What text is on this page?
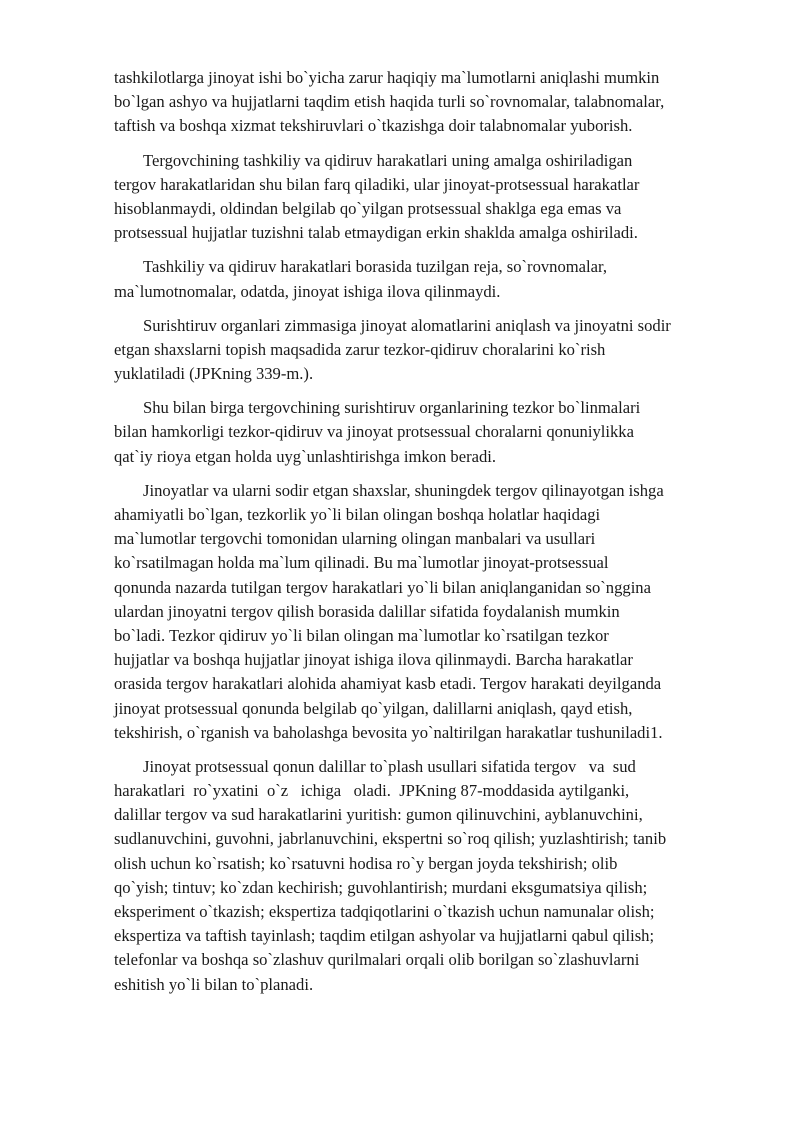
tashkilotlarga jinoyat ishi bo`yicha zarur haqiqiy ma`lumotlarni aniqlashi mumkin
bo`lgan ashyo va hujjatlarni taqdim etish haqida turli so`rovnomalar, talabnomalar,
taftish va boshqa xizmat tekshiruvlari o`tkazishga doir talabnomalar yuborish.
Tergovchining tashkiliy va qidiruv harakatlari uning amalga oshiriladigan
tergov harakatlaridan shu bilan farq qiladiki, ular jinoyat-protsessual harakatlar
hisoblanmaydi, oldindan belgilab qo`yilgan protsessual shaklga ega emas va
protsessual hujjatlar tuzishni talab etmaydigan erkin shaklda amalga oshiriladi.
Tashkiliy va qidiruv harakatlari borasida tuzilgan reja, so`rovnomalar,
ma`lumotnomalar, odatda, jinoyat ishiga ilova qilinmaydi.
Surishtiruv organlari zimmasiga jinoyat alomatlarini aniqlash va jinoyatni sodir
etgan shaxslarni topish maqsadida zarur tezkor-qidiruv choralarini ko`rish
yuklatiladi (JPKning 339-m.).
Shu bilan birga tergovchining surishtiruv organlarining tezkor bo`linmalari
bilan hamkorligi tezkor-qidiruv va jinoyat protsessual choralarni qonuniylikka
qat`iy rioya etgan holda uyg`unlashtirishga imkon beradi.
Jinoyatlar va ularni sodir etgan shaxslar, shuningdek tergov qilinayotgan ishga
ahamiyatli bo`lgan, tezkorlik yo`li bilan olingan boshqa holatlar haqidagi
ma`lumotlar tergovchi tomonidan ularning olingan manbalari va usullari
ko`rsatilmagan holda ma`lum qilinadi. Bu ma`lumotlar jinoyat-protsessual
qonunda nazarda tutilgan tergov harakatlari yo`li bilan aniqlanganidan so`nggina
ulardan jinoyatni tergov qilish borasida dalillar sifatida foydalanish mumkin
bo`ladi. Tezkor qidiruv yo`li bilan olingan ma`lumotlar ko`rsatilgan tezkor
hujjatlar va boshqa hujjatlar jinoyat ishiga ilova qilinmaydi. Barcha harakatlar
orasida tergov harakatlari alohida ahamiyat kasb etadi. Tergov harakati deyilganda
jinoyat protsessual qonunda belgilab qo`yilgan, dalillarni aniqlash, qayd etish,
tekshirish, o`rganish va baholashga bevosita yo`naltirilgan harakatlar tushuniladi1.
Jinoyat protsessual qonun dalillar to`plash usullari sifatida tergov   va  sud
harakatlari  ro`yxatini  o`z   ichiga   oladi.  JPKning 87-moddasida aytilganki,
dalillar tergov va sud harakatlarini yuritish: gumon qilinuvchini, ayblanuvchini,
sudlanuvchini, guvohni, jabrlanuvchini, ekspertni so`roq qilish; yuzlashtirish; tanib
olish uchun ko`rsatish; ko`rsatuvni hodisa ro`y bergan joyda tekshirish; olib
qo`yish; tintuv; ko`zdan kechirish; guvohlantirish; murdani eksgumatsiya qilish;
eksperiment o`tkazish; ekspertiza tadqiqotlarini o`tkazish uchun namunalar olish;
ekspertiza va taftish tayinlash; taqdim etilgan ashyolar va hujjatlarni qabul qilish;
telefonlar va boshqa so`zlashuv qurilmalari orqali olib borilgan so`zlashuvlarni
eshitish yo`li bilan to`planadi.
